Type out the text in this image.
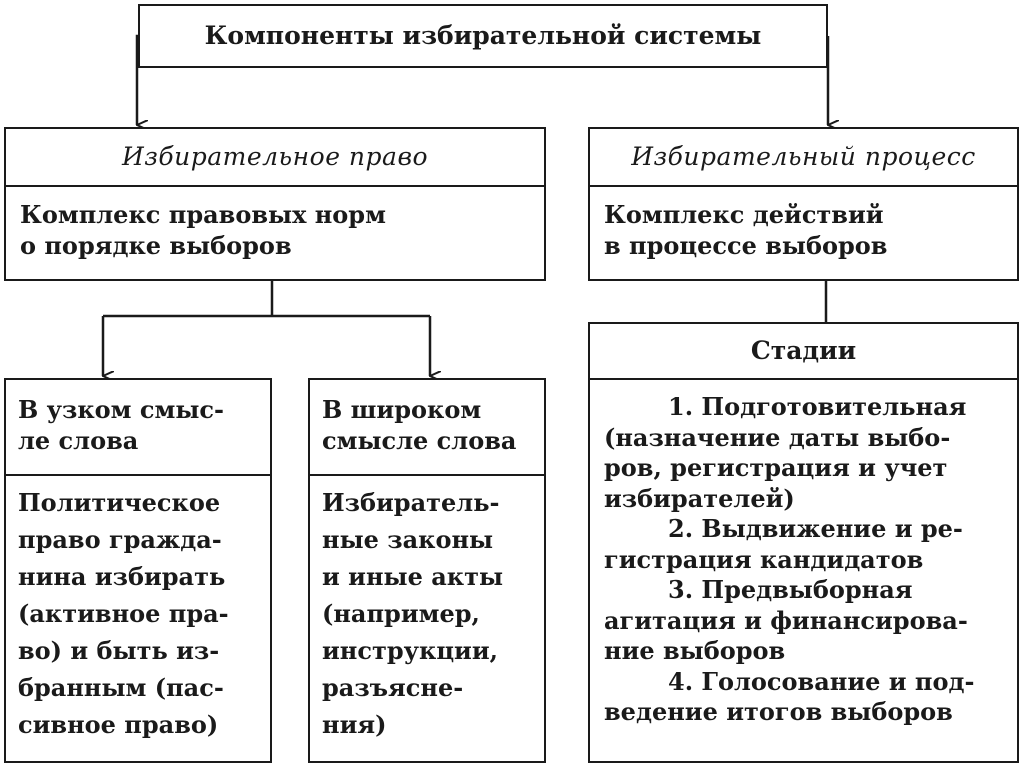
Компоненты избирательной системы
Избирательное право
Комплекс правовых норм
о порядке выборов
Избирательный процесс
Комплекс действий
в процессе выборов
В узком смыс-
ле слова
Политическое
право гражда-
нина избирать
(активное пра-
во) и быть из-
бранным (пас-
сивное право)
В широком
смысле слова
Избиратель-
ные законы
и иные акты
(например,
инструкции,
разъясне-
ния)
Стадии
1. Подготовительная
(назначение даты выбо-
ров, регистрация и учет
избирателей)
2. Выдвижение и ре-
гистрация кандидатов
3. Предвыборная
агитация и финансирова-
ние выборов
4. Голосование и под-
ведение итогов выборов
